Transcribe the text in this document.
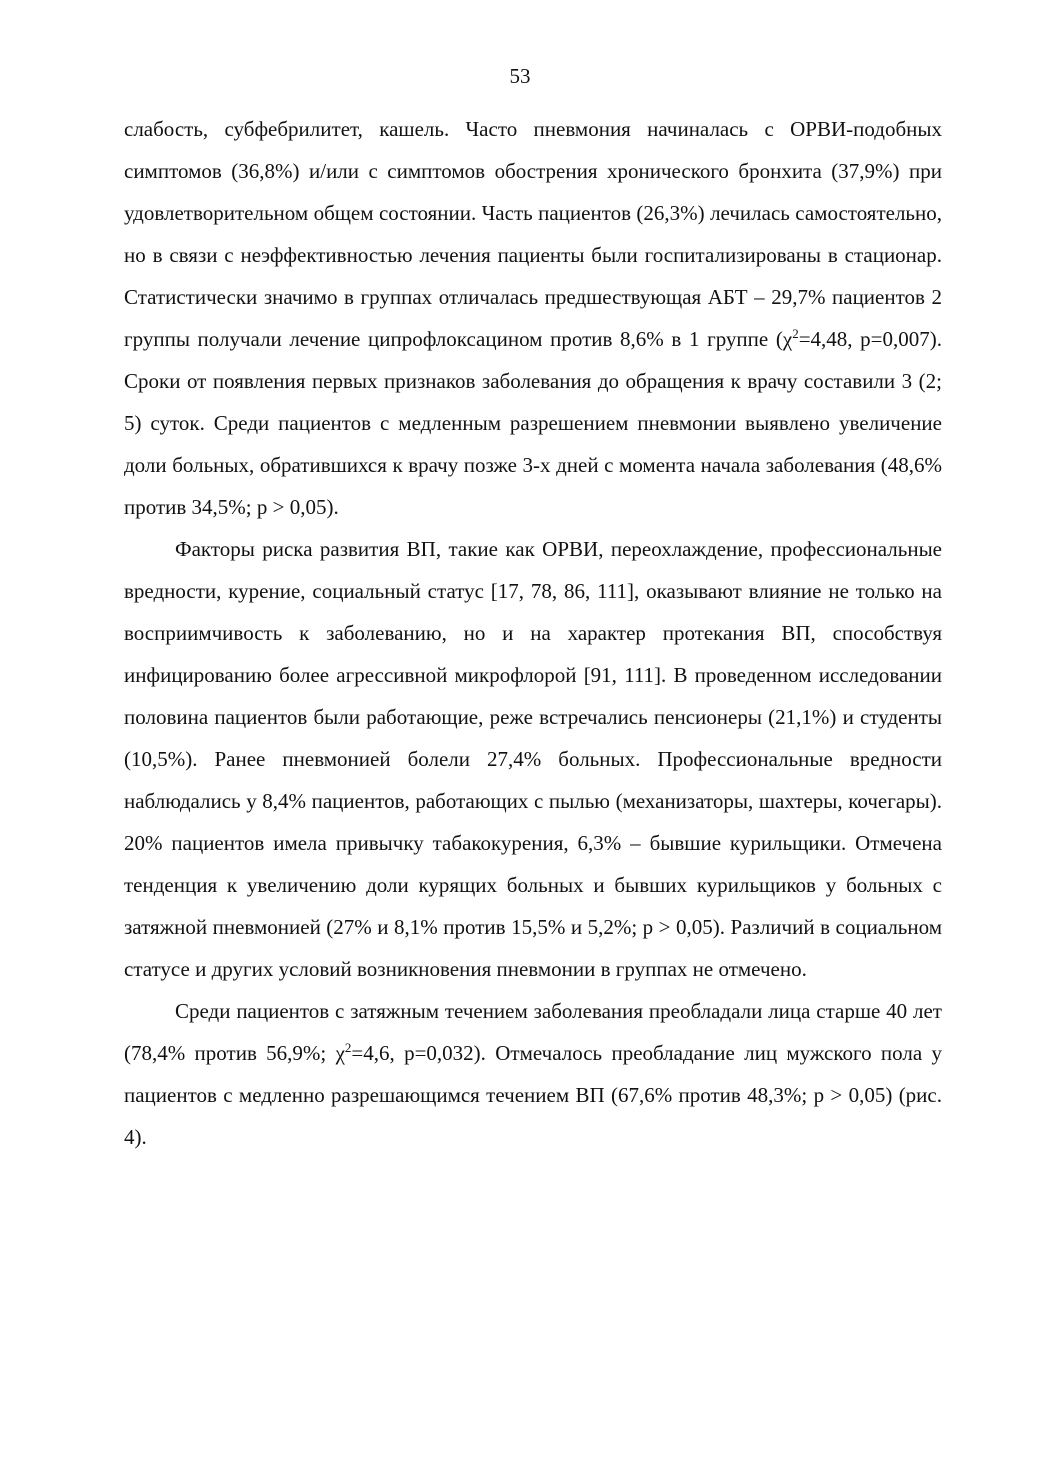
53

слабость, субфебрилитет, кашель. Часто пневмония начиналась с ОРВИ-подобных симптомов (36,8%) и/или с симптомов обострения хронического бронхита (37,9%) при удовлетворительном общем состоянии. Часть пациентов (26,3%) лечилась самостоятельно, но в связи с неэффективностью лечения пациенты были госпитализированы в стационар. Статистически значимо в группах отличалась предшествующая АБТ – 29,7% пациентов 2 группы получали лечение ципрофлоксацином против 8,6% в 1 группе ($\chi^2=4,48$, р=0,007). Сроки от появления первых признаков заболевания до обращения к врачу составили 3 (2; 5) суток. Среди пациентов с медленным разрешением пневмонии выявлено увеличение доли больных, обратившихся к врачу позже 3-х дней с момента начала заболевания (48,6% против 34,5%; р > 0,05).

Факторы риска развития ВП, такие как ОРВИ, переохлаждение, профессиональные вредности, курение, социальный статус [17, 78, 86, 111], оказывают влияние не только на восприимчивость к заболеванию, но и на характер протекания ВП, способствуя инфицированию более агрессивной микрофлорой [91, 111]. В проведенном исследовании половина пациентов были работающие, реже встречались пенсионеры (21,1%) и студенты (10,5%). Ранее пневмонией болели 27,4% больных. Профессиональные вредности наблюдались у 8,4% пациентов, работающих с пылью (механизаторы, шахтеры, кочегары). 20% пациентов имела привычку табакокурения, 6,3% – бывшие курильщики. Отмечена тенденция к увеличению доли курящих больных и бывших курильщиков у больных с затяжной пневмонией (27% и 8,1% против 15,5% и 5,2%; р > 0,05). Различий в социальном статусе и других условий возникновения пневмонии в группах не отмечено.

Среди пациентов с затяжным течением заболевания преобладали лица старше 40 лет (78,4% против 56,9%; $\chi^2=4,6$, р=0,032). Отмечалось преобладание лиц мужского пола у пациентов с медленно разрешающимся течением ВП (67,6% против 48,3%; р > 0,05) (рис. 4).
